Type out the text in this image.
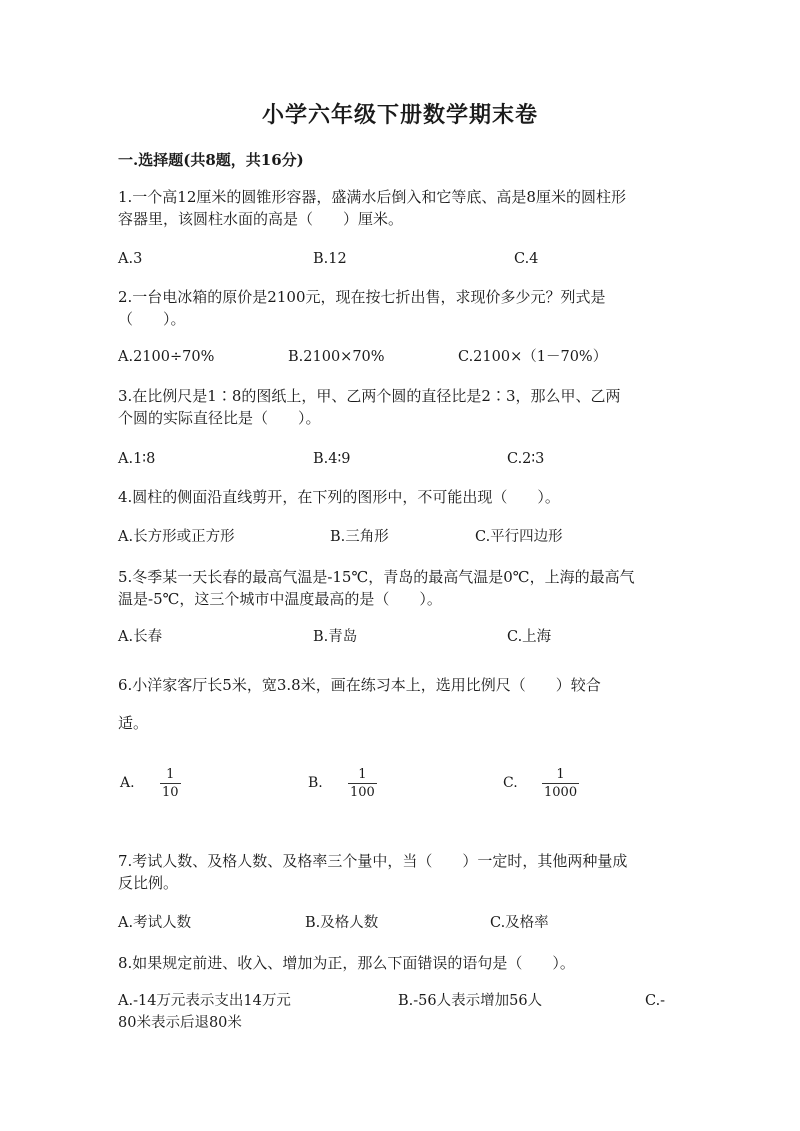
小学六年级下册数学期末卷
一.选择题(共8题，共16分)
1.一个高12厘米的圆锥形容器，盛满水后倒入和它等底、高是8厘米的圆柱形
容器里，该圆柱水面的高是（　　）厘米。
A.3	B.12	C.4
2.一台电冰箱的原价是2100元，现在按七折出售，求现价多少元？列式是
（　　）。
A.2100÷70%	B.2100×70%	C.2100×（1－70%）
3.在比例尺是1∶8的图纸上，甲、乙两个圆的直径比是2∶3，那么甲、乙两
个圆的实际直径比是（　　）。
A.1∶8	B.4∶9	C.2∶3
4.圆柱的侧面沿直线剪开，在下列的图形中，不可能出现（　　）。
A.长方形或正方形	B.三角形	C.平行四边形
5.冬季某一天长春的最高气温是-15℃，青岛的最高气温是0℃，上海的最高气
温是-5℃，这三个城市中温度最高的是（　　）。
A.长春	B.青岛	C.上海
6.小洋家客厅长5米，宽3.8米，画在练习本上，选用比例尺（　　）较合
适。
A.
1
10
B.
1
100
C.
1
1000
7.考试人数、及格人数、及格率三个量中，当（　　）一定时，其他两种量成
反比例。
A.考试人数	B.及格人数	C.及格率
8.如果规定前进、收入、增加为正，那么下面错误的语句是（　　）。
A.-14万元表示支出14万元	B.-56人表示增加56人	C.-
80米表示后退80米
